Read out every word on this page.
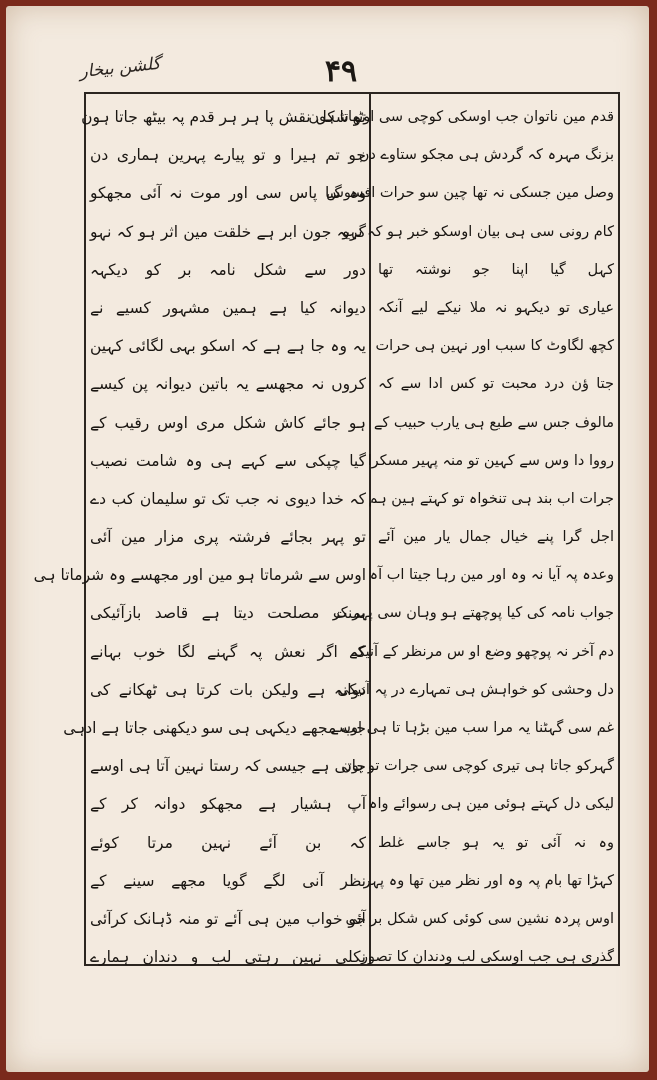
گلشن بیخار	۴۹
قدم مین ناتوان جب اوسکی کوچی سی اوٹھاتا ہون
بزنگ مہرہ کہ گردش ہی مجکو ستاوے دن
وصل مین جسکی نہ تھا چین سو حرات افسوس
کام رونی سی ہی بیان اوسکو خبر ہو کہ نہو
کہل گیا اپنا جو نوشتہ تھا
عیاری تو دیکہو نہ ملا نیکے لیے آنکہ
کچھ لگاوٹ کا سبب اور نہین ہی حرات
جتا ؤن درد محبت تو کس ادا سے کہ
مالوف جس سے طبع ہی یارب حبیب کے
رووا دا وس سے کہین تو منہ پہیر مسکرا
جرات اب بند ہی تنخواہ تو کہتے ہین ہم
اجل گرا پنے خیال جمال یار مین آئے
وعدہ پہ آیا نہ وہ اور مین رہا جیتا اب آہ
جواب نامہ کی کیا پوچھتے ہو وہان سی پہر کر
دم آخر نہ پوچھو وضع او س مرنظر کے آنیکے
دل وحشی کو خواہش ہی تمہارے در پہ آنیکی
غم سی گہٹنا یہ مرا سب مین بڑہا تا ہی اوسے
گہرکو جاتا ہی تیری کوچی سی جرات تو یون
لیکی دل کہتے ہوئی مین ہی رسوائے واہ
وہ نہ آئی تو یہ ہو جاسے غلط
کہڑا تھا بام پہ وہ اور نظر مین تھا وہ پہر
اوس پردہ نشین سی کوئی کس شکل بر آئی
گذری ہی جب اوسکی لب ودندان کا تصور
تو شکل نقش پا ہر ہر قدم پہ بیٹھ جاتا ہون
جو تم ہیرا و تو پیارے پہرین ہماری دن
وہ گیا پاس سی اور موت نہ آئی مجھکو
گریہ جون ابر ہے خلقت مین اثر ہو کہ نہو
دور سے شکل نامہ بر کو دیکہہ
دیوانہ کیا ہے ہمین مشہور کسیے نے
یہ وہ جا ہے ہے کہ اسکو بہی لگائی کہین
کروں نہ مجھسے یہ باتین دیوانہ پن کیسے
ہو جائے کاش شکل مری اوس رقیب کے
گیا چپکی سے کہے ہی وہ شامت نصیب
کہ خدا دیوی نہ جب تک تو سلیمان کب دے
تو پہر بجائے فرشتہ پری مزار مین آئی
اوس سے شرماتا ہو مین اور مجھسے وہ شرماتا ہی
بمنت مصلحت دیتا ہے قاصد بازآئیکی
کہ اگر نعش پہ گہنے لگا خوب بہانے
دوانہ ہے ولیکن بات کرتا ہی ٹھکانے کی
جب مجھے دیکہی ہی سو دیکھنی جاتا ہے ادہی
جاتی ہے جیسی کہ رستا نہین آتا ہی اوسے
آپ ہشیار ہے مجھکو دوانہ کر کے
کہ بن آئے نہین مرتا کوئے
نظر آنی لگے گویا مجھے سینے کے
جو خواب مین ہی آئے تو منہ ڈہانک کرآئی
نکلی نہین رہتی لب و دندان ہمارے
